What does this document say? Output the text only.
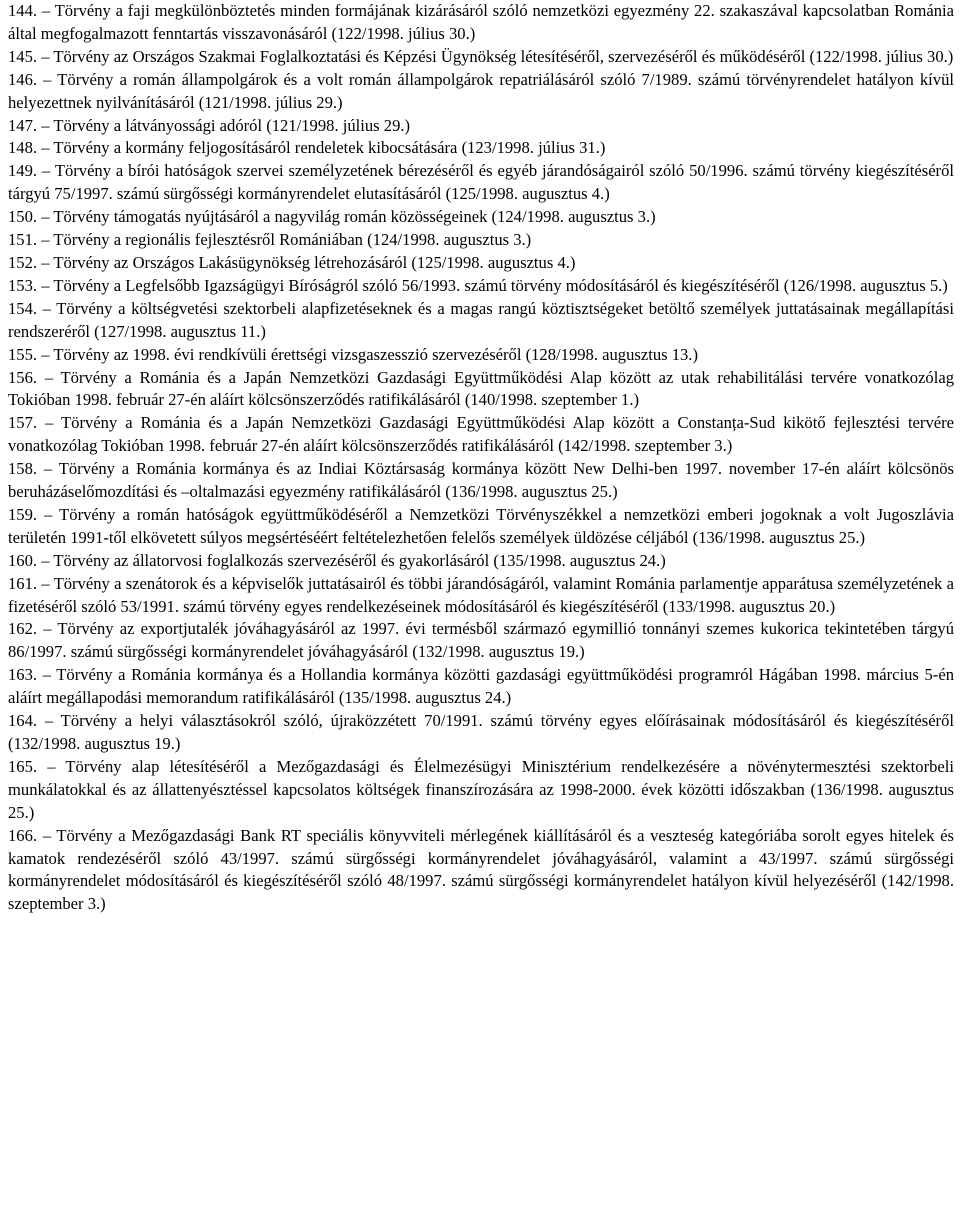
144. – Törvény a faji megkülönböztetés minden formájának kizárásáról szóló nemzetközi egyezmény 22. szakaszával kapcsolatban Románia által megfogalmazott fenntartás visszavonásáról (122/1998. július 30.)

145. – Törvény az Országos Szakmai Foglalkoztatási és Képzési Ügynökség létesítéséről, szervezéséről és működéséről (122/1998. július 30.)

146. – Törvény a román állampolgárok és a volt román állampolgárok repatriálásáról szóló 7/1989. számú törvényrendelet hatályon kívül helyezettnek nyilvánításáról (121/1998. július 29.)

147. – Törvény a látványossági adóról (121/1998. július 29.)

148. – Törvény a kormány feljogosításáról rendeletek kibocsátására (123/1998. július 31.)

149. – Törvény a bírói hatóságok szervei személyzetének bérezéséről és egyéb járandóságairól szóló 50/1996. számú törvény kiegészítéséről tárgyú 75/1997. számú sürgősségi kormányrendelet elutasításáról (125/1998. augusztus 4.)

150. – Törvény támogatás nyújtásáról a nagyvilág román közösségeinek (124/1998. augusztus 3.)

151. – Törvény a regionális fejlesztésről Romániában (124/1998. augusztus 3.)

152. – Törvény az Országos Lakásügynökség létrehozásáról (125/1998. augusztus 4.)

153. – Törvény a Legfelsőbb Igazságügyi Bíróságról szóló 56/1993. számú törvény módosításáról és kiegészítéséről (126/1998. augusztus 5.)

154. – Törvény a költségvetési szektorbeli alapfizetéseknek és a magas rangú köztisztségeket betöltő személyek juttatásainak megállapítási rendszeréről (127/1998. augusztus 11.)

155. – Törvény az 1998. évi rendkívüli érettségi vizsgaszesszió szervezéséről (128/1998. augusztus 13.)

156. – Törvény a Románia és a Japán Nemzetközi Gazdasági Együttműködési Alap között az utak rehabilitálási tervére vonatkozólag Tokióban 1998. február 27-én aláírt kölcsönszerződés ratifikálásáról (140/1998. szeptember 1.)

157. – Törvény a Románia és a Japán Nemzetközi Gazdasági Együttműködési Alap között a Constanța-Sud kikötő fejlesztési tervére vonatkozólag Tokióban 1998. február 27-én aláírt kölcsönszerződés ratifikálásáról (142/1998. szeptember 3.)

158. – Törvény a Románia kormánya és az Indiai Köztársaság kormánya között New Delhi-ben 1997. november 17-én aláírt kölcsönös beruházáselőmozdítási és –oltalmazási egyezmény ratifikálásáról (136/1998. augusztus 25.)

159. – Törvény a román hatóságok együttműködéséről a Nemzetközi Törvényszékkel a nemzetközi emberi jogoknak a volt Jugoszlávia területén 1991-től elkövetett súlyos megsértéséért feltételezhetően felelős személyek üldözése céljából (136/1998. augusztus 25.)

160. – Törvény az állatorvosi foglalkozás szervezéséről és gyakorlásáról (135/1998. augusztus 24.)

161. – Törvény a szenátorok és a képviselők juttatásairól és többi járandóságáról, valamint Románia parlamentje apparátusa személyzetének a fizetéséről szóló 53/1991. számú törvény egyes rendelkezéseinek módosításáról és kiegészítéséről (133/1998. augusztus 20.)

162. – Törvény az exportjutalék jóváhagyásáról az 1997. évi termésből származó egymillió tonnányi szemes kukorica tekintetében tárgyú 86/1997. számú sürgősségi kormányrendelet jóváhagyásáról (132/1998. augusztus 19.)

163. – Törvény a Románia kormánya és a Hollandia kormánya közötti gazdasági együttműködési programról Hágában 1998. március 5-én aláírt megállapodási memorandum ratifikálásáról (135/1998. augusztus 24.)

164. – Törvény a helyi választásokról szóló, újraközzétett 70/1991. számú törvény egyes előírásainak módosításáról és kiegészítéséről (132/1998. augusztus 19.)

165. – Törvény alap létesítéséről a Mezőgazdasági és Élelmezésügyi Minisztérium rendelkezésére a növénytermesztési szektorbeli munkálatokkal és az állattenyésztéssel kapcsolatos költségek finanszírozására az 1998-2000. évek közötti időszakban (136/1998. augusztus 25.)

166. – Törvény a Mezőgazdasági Bank RT speciális könyvviteli mérlegének kiállításáról és a veszteség kategóriába sorolt egyes hitelek és kamatok rendezéséről szóló 43/1997. számú sürgősségi kormányrendelet jóváhagyásáról, valamint a 43/1997. számú sürgősségi kormányrendelet módosításáról és kiegészítéséről szóló 48/1997. számú sürgősségi kormányrendelet hatályon kívül helyezéséről (142/1998. szeptember 3.)
